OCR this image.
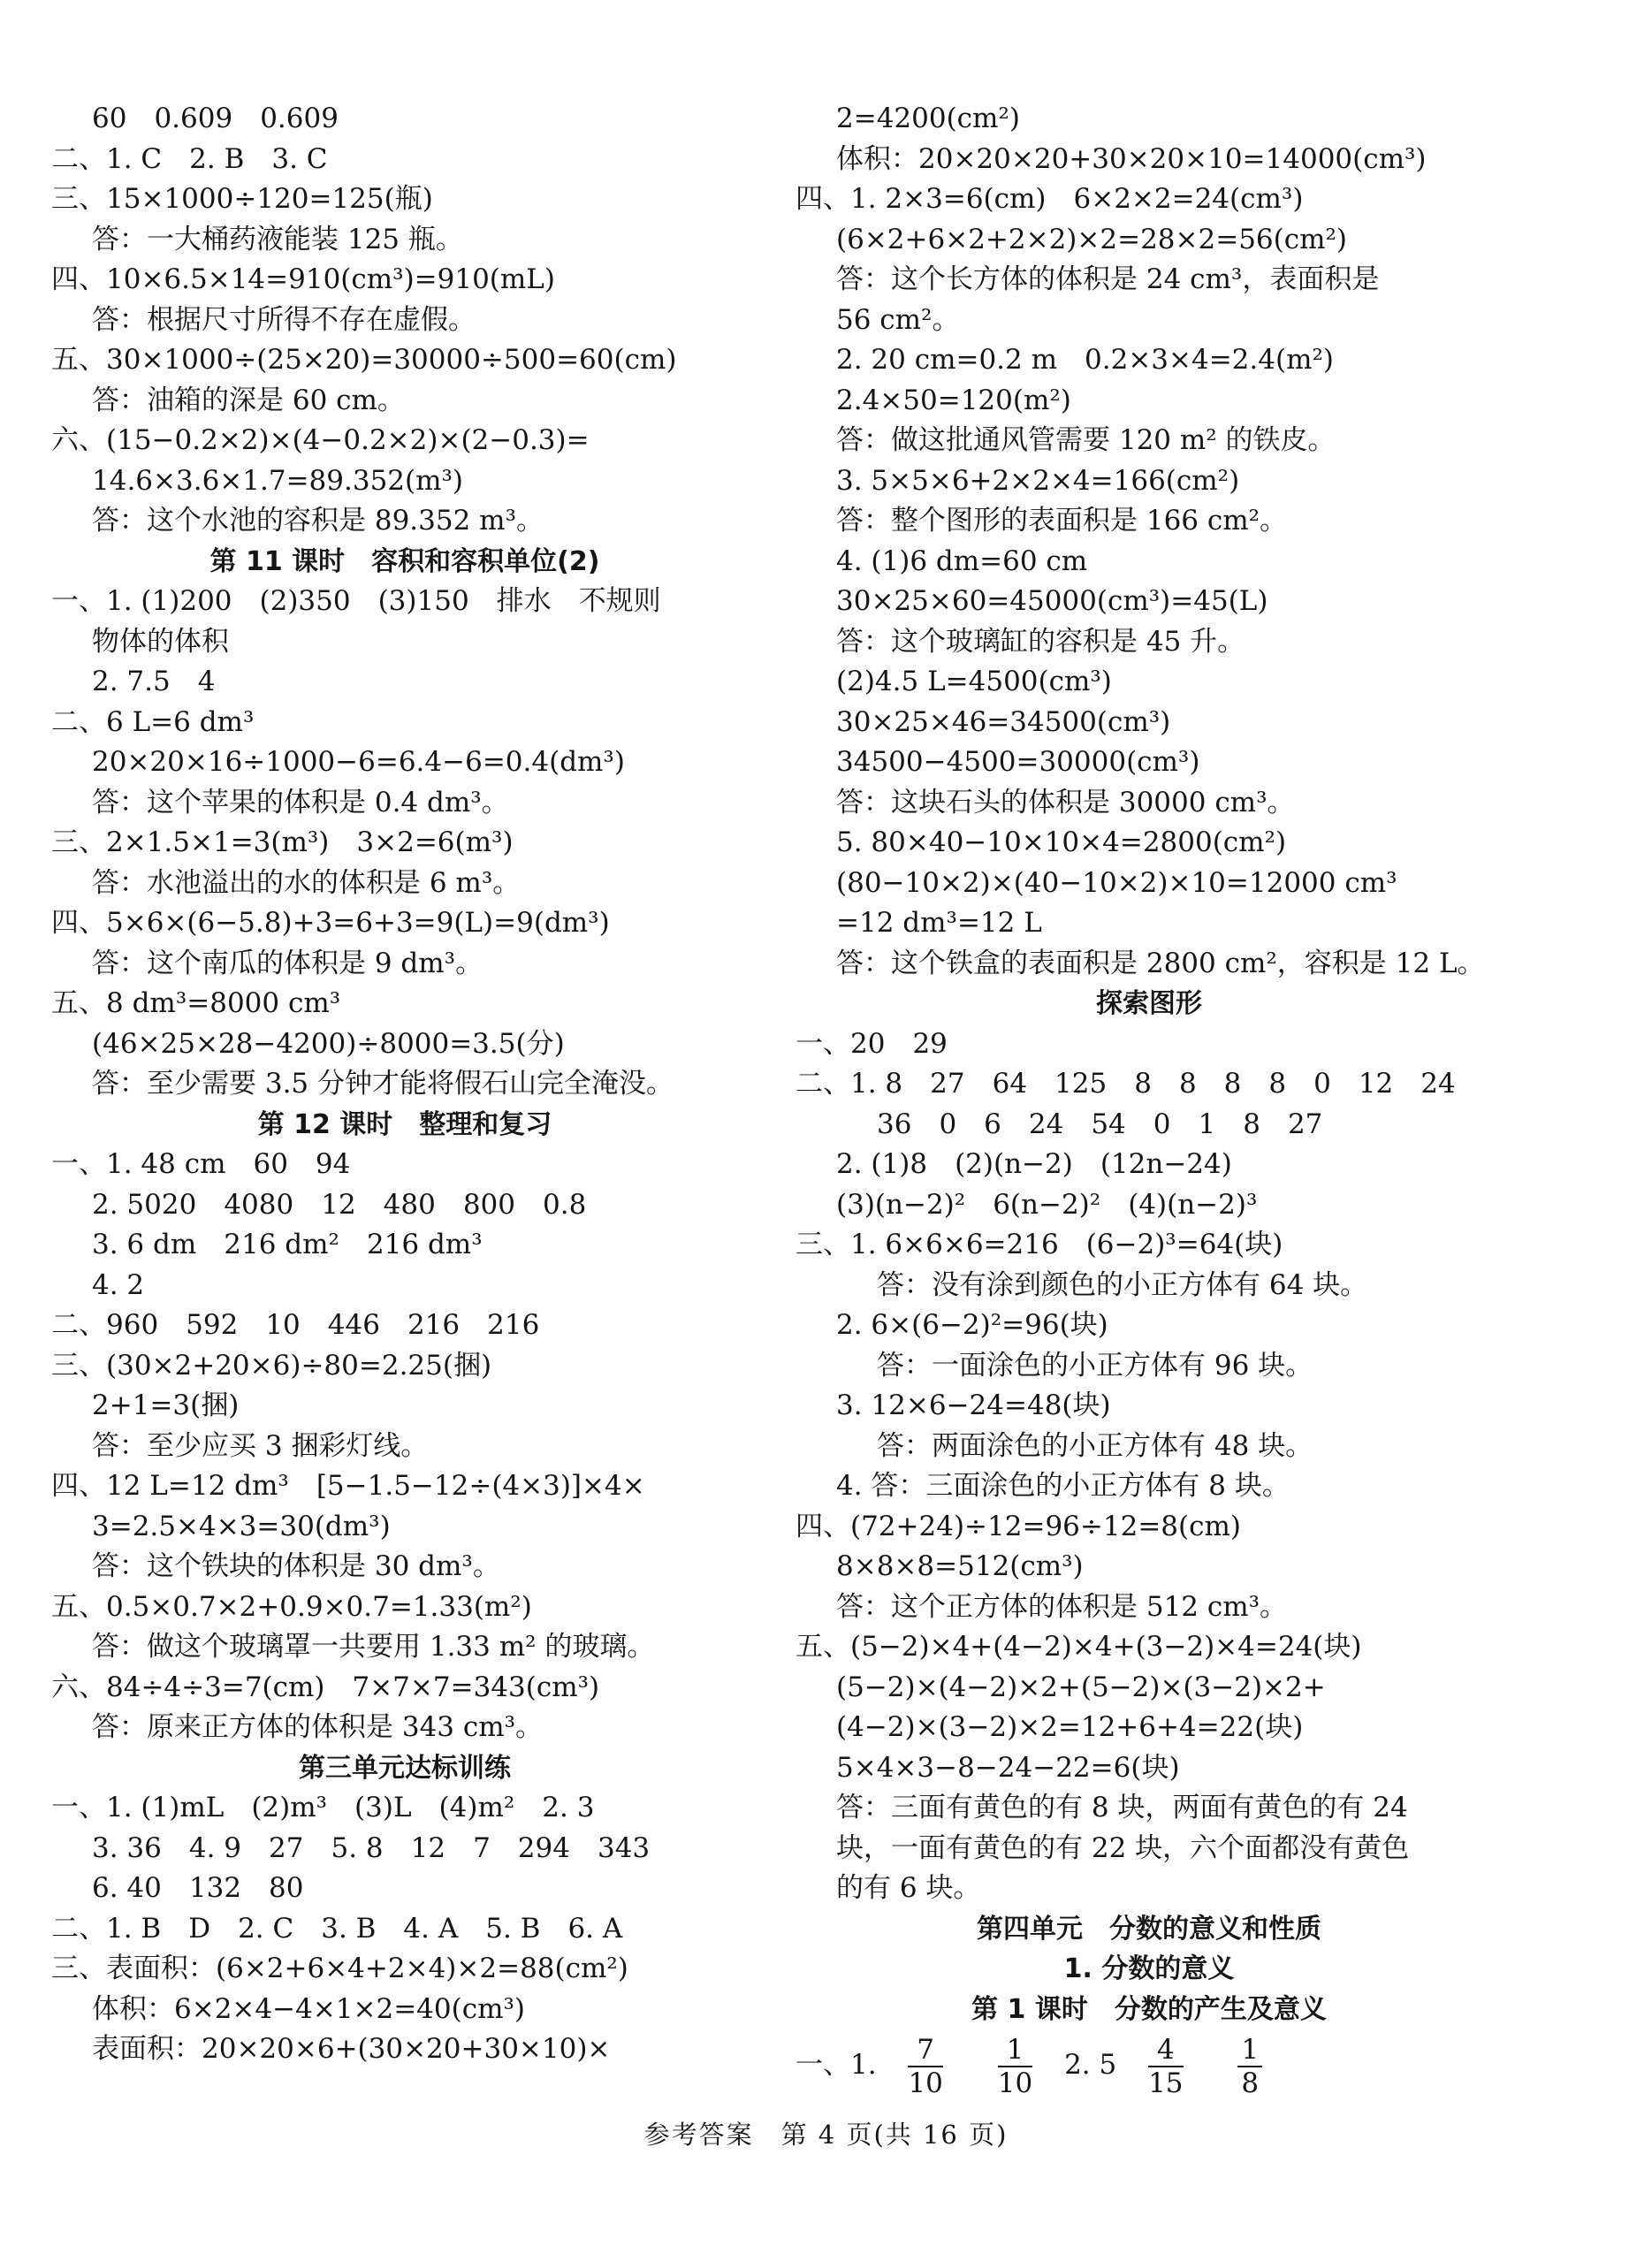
60　0.609　0.609
二、1. C　2. B　3. C
三、15×1000÷120=125(瓶)
答：一大桶药液能装 125 瓶。
四、10×6.5×14=910(cm³)=910(mL)
答：根据尺寸所得不存在虚假。
五、30×1000÷(25×20)=30000÷500=60(cm)
答：油箱的深是 60 cm。
六、(15−0.2×2)×(4−0.2×2)×(2−0.3)=
14.6×3.6×1.7=89.352(m³)
答：这个水池的容积是 89.352 m³。
第 11 课时　容积和容积单位(2)
一、1. (1)200　(2)350　(3)150　排水　不规则
物体的体积
2. 7.5　4
二、6 L=6 dm³
20×20×16÷1000−6=6.4−6=0.4(dm³)
答：这个苹果的体积是 0.4 dm³。
三、2×1.5×1=3(m³)　3×2=6(m³)
答：水池溢出的水的体积是 6 m³。
四、5×6×(6−5.8)+3=6+3=9(L)=9(dm³)
答：这个南瓜的体积是 9 dm³。
五、8 dm³=8000 cm³
(46×25×28−4200)÷8000=3.5(分)
答：至少需要 3.5 分钟才能将假石山完全淹没。
第 12 课时　整理和复习
一、1. 48 cm　60　94
2. 5020　4080　12　480　800　0.8
3. 6 dm　216 dm²　216 dm³
4. 2
二、960　592　10　446　216　216
三、(30×2+20×6)÷80=2.25(捆)
2+1=3(捆)
答：至少应买 3 捆彩灯线。
四、12 L=12 dm³　[5−1.5−12÷(4×3)]×4×
3=2.5×4×3=30(dm³)
答：这个铁块的体积是 30 dm³。
五、0.5×0.7×2+0.9×0.7=1.33(m²)
答：做这个玻璃罩一共要用 1.33 m² 的玻璃。
六、84÷4÷3=7(cm)　7×7×7=343(cm³)
答：原来正方体的体积是 343 cm³。
第三单元达标训练
一、1. (1)mL　(2)m³　(3)L　(4)m²　2. 3
3. 36　4. 9　27　5. 8　12　7　294　343
6. 40　132　80
二、1. B　D　2. C　3. B　4. A　5. B　6. A
三、表面积：(6×2+6×4+2×4)×2=88(cm²)
体积：6×2×4−4×1×2=40(cm³)
表面积：20×20×6+(30×20+30×10)×
2=4200(cm²)
体积：20×20×20+30×20×10=14000(cm³)
四、1. 2×3=6(cm)　6×2×2=24(cm³)
(6×2+6×2+2×2)×2=28×2=56(cm²)
答：这个长方体的体积是 24 cm³，表面积是
56 cm²。
2. 20 cm=0.2 m　0.2×3×4=2.4(m²)
2.4×50=120(m²)
答：做这批通风管需要 120 m² 的铁皮。
3. 5×5×6+2×2×4=166(cm²)
答：整个图形的表面积是 166 cm²。
4. (1)6 dm=60 cm
30×25×60=45000(cm³)=45(L)
答：这个玻璃缸的容积是 45 升。
(2)4.5 L=4500(cm³)
30×25×46=34500(cm³)
34500−4500=30000(cm³)
答：这块石头的体积是 30000 cm³。
5. 80×40−10×10×4=2800(cm²)
(80−10×2)×(40−10×2)×10=12000 cm³
=12 dm³=12 L
答：这个铁盒的表面积是 2800 cm²，容积是 12 L。
探索图形
一、20　29
二、1. 8　27　64　125　8　8　8　8　0　12　24
36　0　6　24　54　0　1　8　27
2. (1)8　(2)(n−2)　(12n−24)
(3)(n−2)²　6(n−2)²　(4)(n−2)³
三、1. 6×6×6=216　(6−2)³=64(块)
答：没有涂到颜色的小正方体有 64 块。
2. 6×(6−2)²=96(块)
答：一面涂色的小正方体有 96 块。
3. 12×6−24=48(块)
答：两面涂色的小正方体有 48 块。
4. 答：三面涂色的小正方体有 8 块。
四、(72+24)÷12=96÷12=8(cm)
8×8×8=512(cm³)
答：这个正方体的体积是 512 cm³。
五、(5−2)×4+(4−2)×4+(3−2)×4=24(块)
(5−2)×(4−2)×2+(5−2)×(3−2)×2+
(4−2)×(3−2)×2=12+6+4=22(块)
5×4×3−8−24−22=6(块)
答：三面有黄色的有 8 块，两面有黄色的有 24
块，一面有黄色的有 22 块，六个面都没有黄色
的有 6 块。
第四单元　分数的意义和性质
1. 分数的意义
第 1 课时　分数的产生及意义
一、1. $\frac{7}{10}$
$\frac{1}{10} 2$. $5 \frac{4}{15}$
$\frac{1}{8}$
参考答案　第 4 页(共 16 页)
